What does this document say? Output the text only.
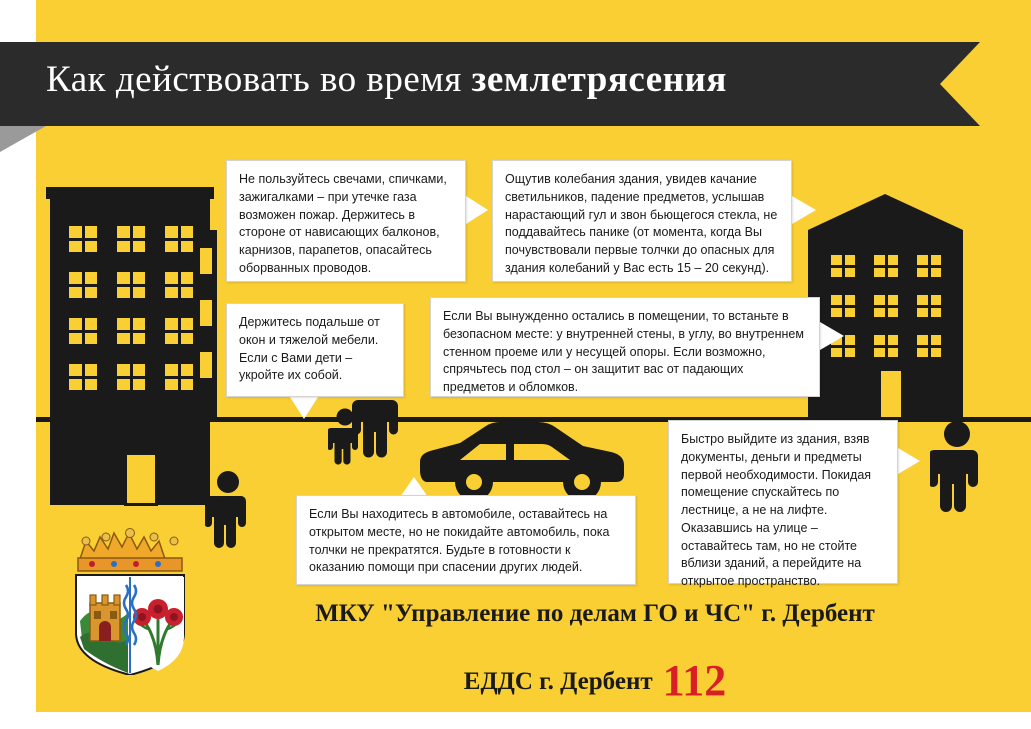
Как действовать во время землетрясения
Не пользуйтесь свечами, спичками, зажигалками – при утечке газа возможен пожар. Держитесь в стороне от нависающих балконов, карнизов, парапетов, опасайтесь оборванных проводов.
Ощутив колебания здания, увидев качание светильников, падение предметов, услышав нарастающий гул и звон бьющегося стекла, не поддавайтесь панике (от момента, когда Вы почувствовали первые толчки до опасных для здания колебаний у Вас есть 15 – 20 секунд).
Держитесь подальше от окон и тяжелой мебели. Если с Вами дети – укройте их собой.
Если Вы вынужденно остались в помещении, то встаньте в безопасном месте: у внутренней стены, в углу, во внутреннем стенном проеме или у несущей опоры. Если возможно, спрячьтесь под стол – он защитит вас от падающих предметов и обломков.
Если Вы находитесь в автомобиле, оставайтесь на открытом месте, но не покидайте автомобиль, пока толчки не прекратятся. Будьте в готовности к оказанию помощи при спасении других людей.
Быстро выйдите из здания, взяв документы, деньги и предметы первой необходимости. Покидая помещение спускайтесь по лестнице, а не на лифте. Оказавшись на улице – оставайтесь там, но не стойте вблизи зданий, а перейдите на открытое пространство.
МКУ "Управление по делам ГО и ЧС" г. Дербент
ЕДДС г. Дербент 112
